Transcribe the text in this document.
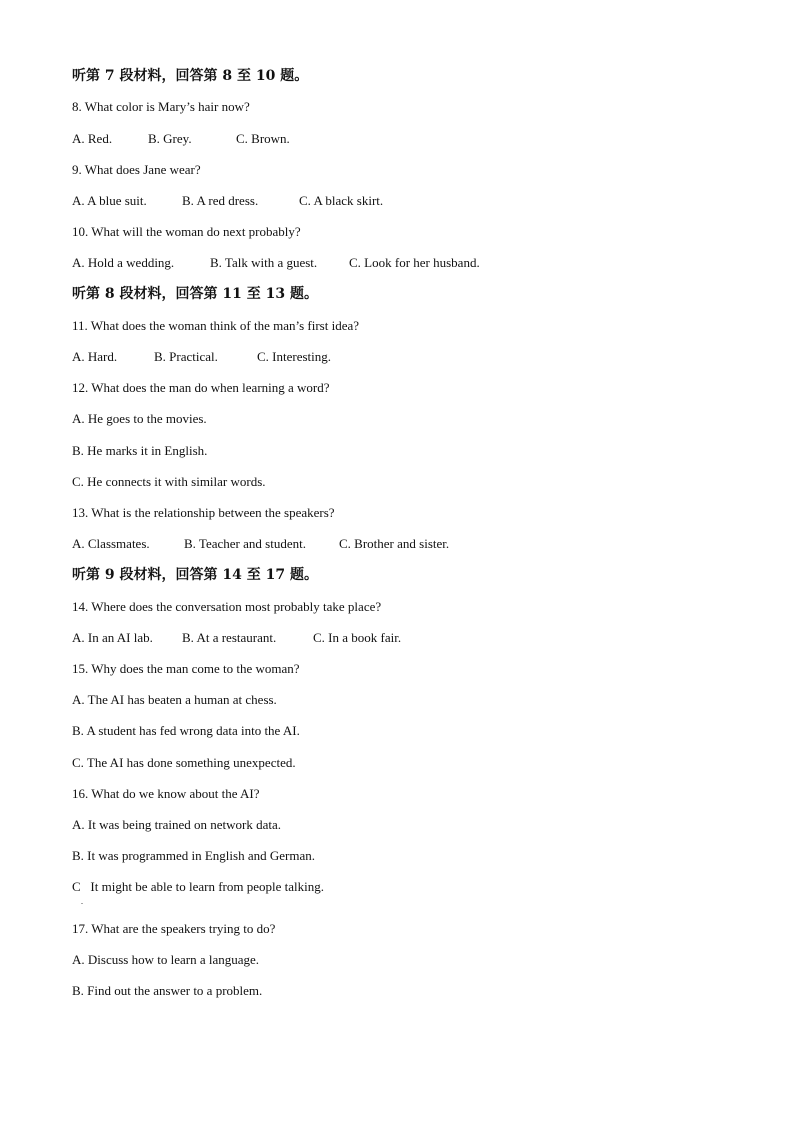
听第 7 段材料，回答第 8 至 10 题。
8. What color is Mary’s hair now?
A. Red.	B. Grey.	C. Brown.
9. What does Jane wear?
A. A blue suit.	B. A red dress.	C. A black skirt.
10. What will the woman do next probably?
A. Hold a wedding.	B. Talk with a guest. C. Look for her husband.
听第 8 段材料，回答第 11 至 13 题。
11. What does the woman think of the man’s first idea?
A. Hard.	B. Practical.	C. Interesting.
12. What does the man do when learning a word?
A. He goes to the movies.
B. He marks it in English.
C. He connects it with similar words.
13. What is the relationship between the speakers?
A. Classmates.	B. Teacher and student.	C. Brother and sister.
听第 9 段材料，回答第 14 至 17 题。
14. Where does the conversation most probably take place?
A. In an AI lab. B. At a restaurant.	C. In a book fair.
15. Why does the man come to the woman?
A. The AI has beaten a human at chess.
B. A student has fed wrong data into the AI.
C. The AI has done something unexpected.
16. What do we know about the AI?
A. It was being trained on network data.
B. It was programmed in English and German.
C   It might be able to learn from people talking.
.
17. What are the speakers trying to do?
A. Discuss how to learn a language.
B. Find out the answer to a problem.
